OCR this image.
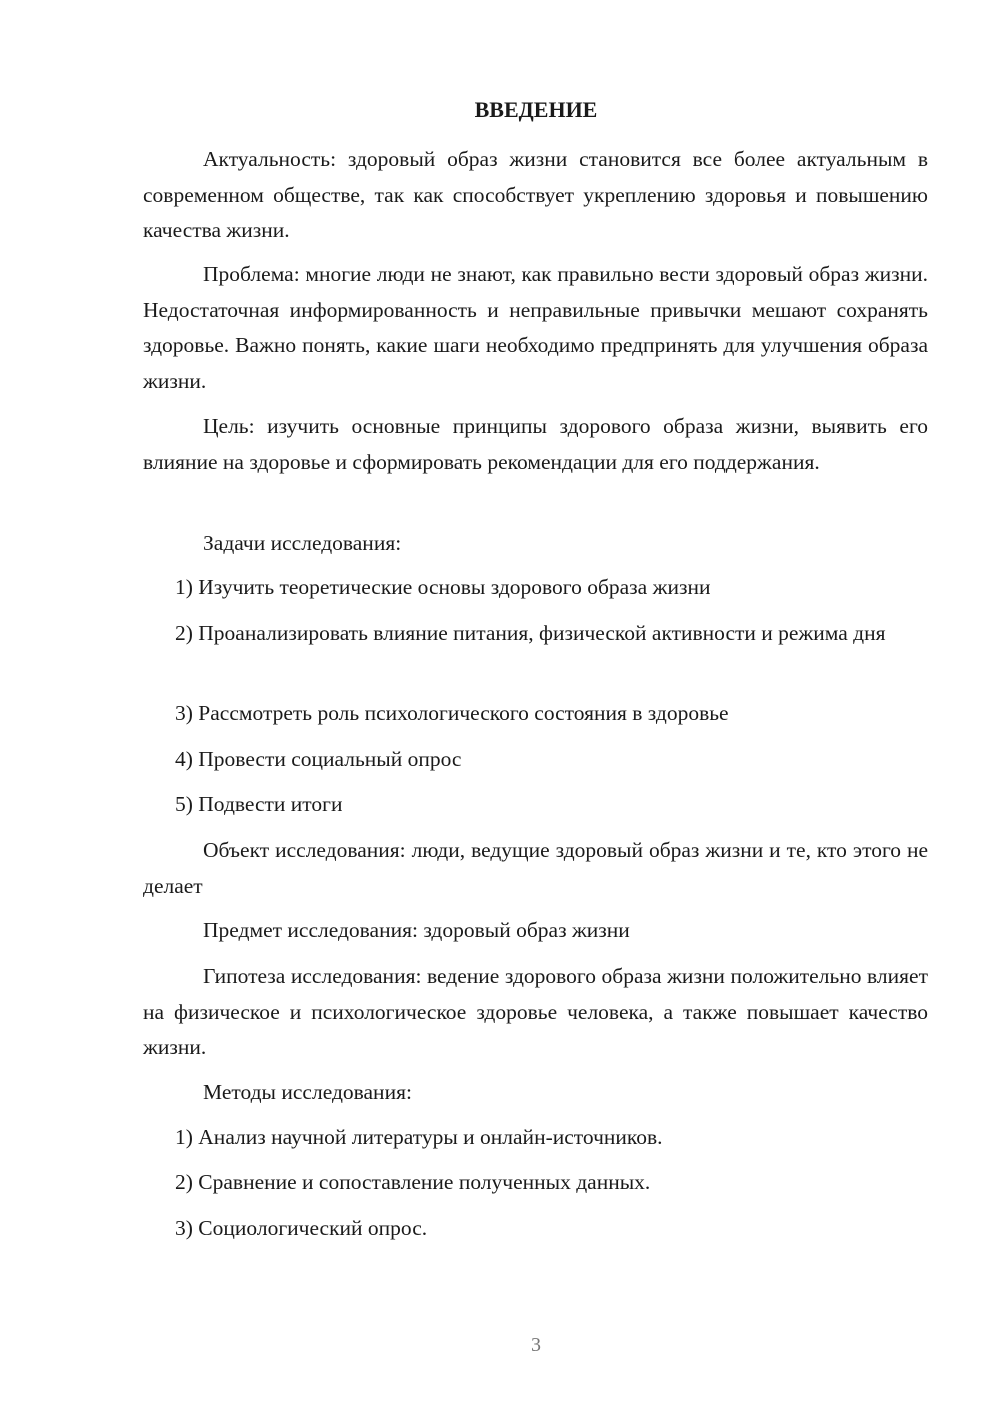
ВВЕДЕНИЕ

Актуальность: здоровый образ жизни становится все более актуальным в современном обществе, так как способствует укреплению здоровья и повышению качества жизни.

Проблема: многие люди не знают, как правильно вести здоровый образ жизни. Недостаточная информированность и неправильные привычки мешают сохранять здоровье. Важно понять, какие шаги необходимо предпринять для улучшения образа жизни.

Цель: изучить основные принципы здорового образа жизни, выявить его влияние на здоровье и сформировать рекомендации для его поддержания.

Задачи исследования:

1) Изучить теоретические основы здорового образа жизни

2) Проанализировать влияние питания, физической активности и режима дня

3) Рассмотреть роль психологического состояния в здоровье

4) Провести социальный опрос

5) Подвести итоги

Объект исследования: люди, ведущие здоровый образ жизни и те, кто этого не делает

Предмет исследования: здоровый образ жизни

Гипотеза исследования: ведение здорового образа жизни положительно влияет на физическое и психологическое здоровье человека, а также повышает качество жизни.

Методы исследования:

1) Анализ научной литературы и онлайн-источников.

2) Сравнение и сопоставление полученных данных.

3) Социологический опрос.

3
